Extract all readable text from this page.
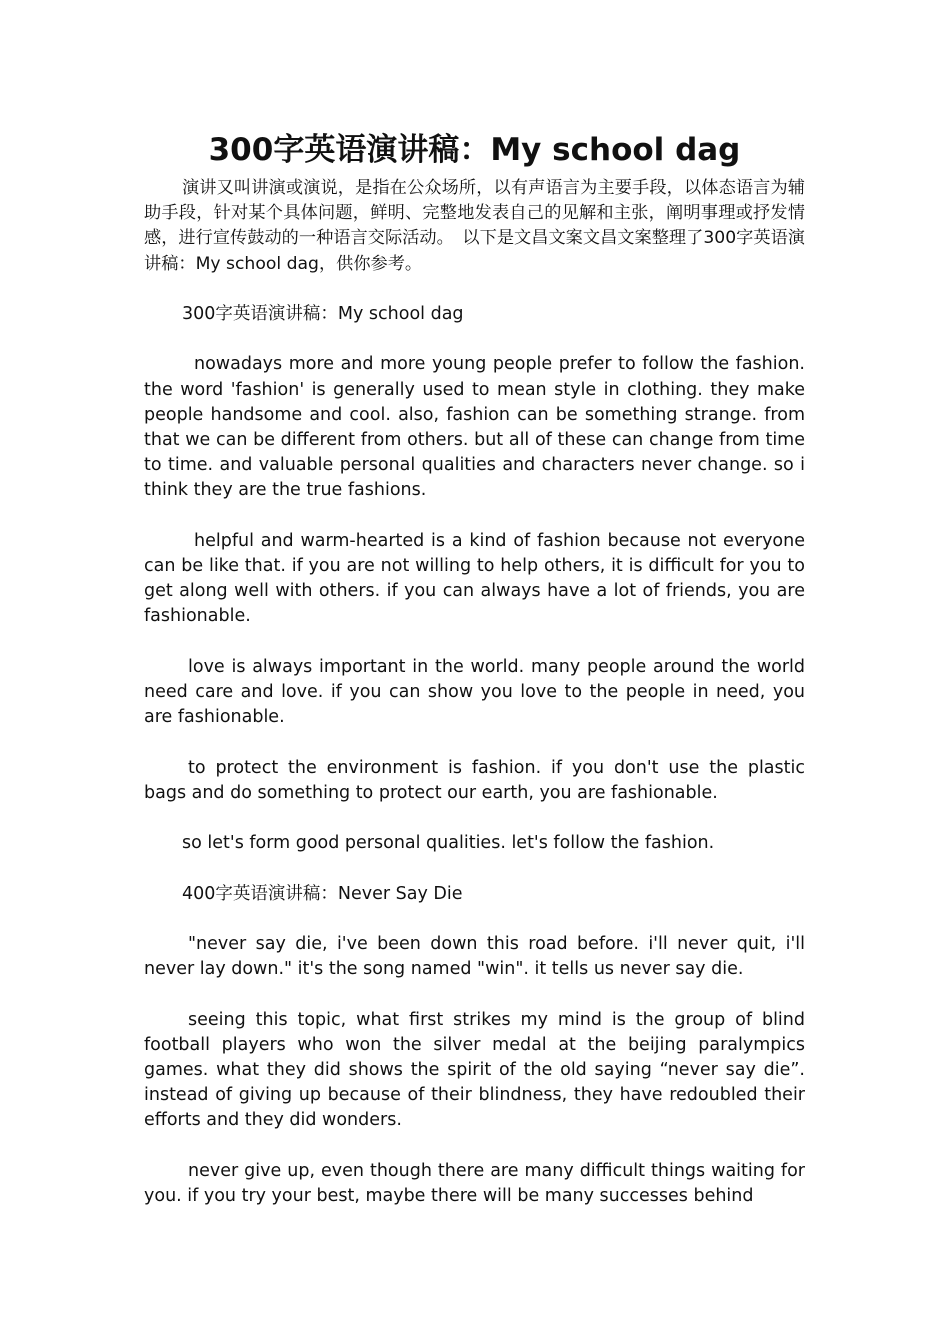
300字英语演讲稿：My school dag

演讲又叫讲演或演说，是指在公众场所，以有声语言为主要手段，以体态语言为辅助手段，针对某个具体问题，鲜明、完整地发表自己的见解和主张，阐明事理或抒发情感，进行宣传鼓动的一种语言交际活动。　以下是文昌文案文昌文案整理了300字英语演讲稿：My school dag，供你参考。

300字英语演讲稿：My school dag

nowadays more and more young people prefer to follow the fashion. the word 'fashion' is generally used to mean style in clothing. they make people handsome and cool. also, fashion can be something strange. from that we can be different from others. but all of these can change from time to time. and valuable personal qualities and characters never change. so i think they are the true fashions.

helpful and warm-hearted is a kind of fashion because not everyone can be like that. if you are not willing to help others, it is difficult for you to get along well with others. if you can always have a lot of friends, you are fashionable.

love is always important in the world. many people around the world need care and love. if you can show you love to the people in need, you are fashionable.

to protect the environment is fashion. if you don't use the plastic bags and do something to protect our earth, you are fashionable.

so let's form good personal qualities. let's follow the fashion.

400字英语演讲稿：Never Say Die

"never say die, i've been down this road before. i'll never quit, i'll never lay down." it's the song named "win". it tells us never say die.

seeing this topic, what first strikes my mind is the group of blind football players who won the silver medal at the beijing paralympics games. what they did shows the spirit of the old saying “never say die”. instead of giving up because of their blindness, they have redoubled their efforts and they did wonders.

never give up, even though there are many difficult things waiting for you. if you try your best, maybe there will be many successes behind
